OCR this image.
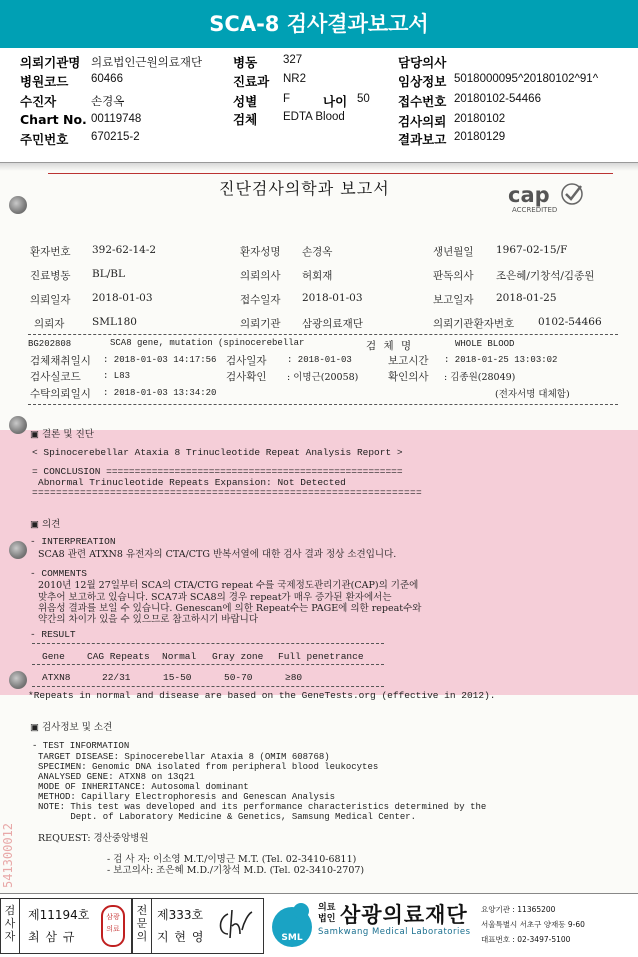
SCA-8 검사결과보고서
의뢰기관명 의료법인근원의료재단
병원코드 60466
수진자	손경옥
Chart No. 00119748
주민번호 670215-2
병동 327
진료과 NR2
성별 F	나이 50
검체 EDTA Blood
담당의사
임상정보 5018000095^20180102^91^
접수번호 20180102-54466
검사의뢰 20180102
결과보고 20180129
진단검사의학과 보고서	cap
ACCREDITED
환자번호 392-62-14-2	환자성명 손경옥	생년월일 1967-02-15/F
진료병동 BL/BL	의뢰의사 허회재	판독의사 조은혜/기창석/김종원
의뢰일자 2018-01-03	접수일자 2018-01-03	보고일자 2018-01-25
의뢰자	SML180	의뢰기관 삼광의료재단	의뢰기관환자번호 0102-54466
BG202808	SCA8 gene, mutation (spinocerebellar	검 체 명	WHOLE BLOOD
검체채취일시 : 2018-01-03 14:17:56 검사일자 : 2018-01-03	보고시간 : 2018-01-25 13:03:02
검사실코드 : L83	검사확인 : 이명근(20058)	확인의사 : 김종원(28049)
수탁의뢰일시 : 2018-01-03 13:34:20	(전자서명 대체함)
▣ 결론 및 진단
< Spinocerebellar Ataxia 8 Trinucleotide Repeat Analysis Report >
= CONCLUSION ====================================================
Abnormal Trinucleotide Repeats Expansion: Not Detected
=================================================================
▣ 의견
- INTERPREATION
SCA8 관련 ATXN8 유전자의 CTA/CTG 반복서열에 대한 검사 결과 정상 소견입니다.
- COMMENTS
2010년 12월 27일부터 SCA의 CTA/CTG repeat 수를 국제정도관리기관(CAP)의 기준에
맞추어 보고하고 있습니다. SCA7과 SCA8의 경우 repeat가 매우 증가된 환자에서는
위음성 결과를 보일 수 있습니다. Genescan에 의한 Repeat수는 PAGE에 의한 repeat수와
약간의 차이가 있을 수 있으므로 참고하시기 바랍니다
- RESULT
Gene CAG Repeats Normal Gray zone Full penetrance
ATXN8	22/31	15-50	50-70	≥80
*Repeats in normal and disease are based on the GeneTests.org (effective in 2012).
▣ 검사정보 및 소견
- TEST INFORMATION
TARGET DISEASE: Spinocerebellar Ataxia 8 (OMIM 608768)
SPECIMEN: Genomic DNA isolated from peripheral blood leukocytes
ANALYSED GENE: ATXN8 on 13q21
MODE OF INHERITANCE: Autosomal dominant
METHOD: Capillary Electrophoresis and Genescan Analysis
NOTE: This test was developed and its performance characteristics determined by the
Dept. of Laboratory Medicine & Genetics, Samsung Medical Center.
REQUEST: 경산중앙병원
- 검 사 자: 이소영 M.T./이명근 M.T. (Tel. 02-3410-6811)
- 보고의사: 조은혜 M.D./기창석 M.D. (Tel. 02-3410-2707)
541300012
검사자
제11194호
최 삼 규
삼광
의료
전문의
제333호
지 현 영	SML
의료
법인 삼광의료재단
Samkwang Medical Laboratories
요양기관 : 11365200
서울특별시 서초구 양재동 9-60
대표번호 : 02-3497-5100
